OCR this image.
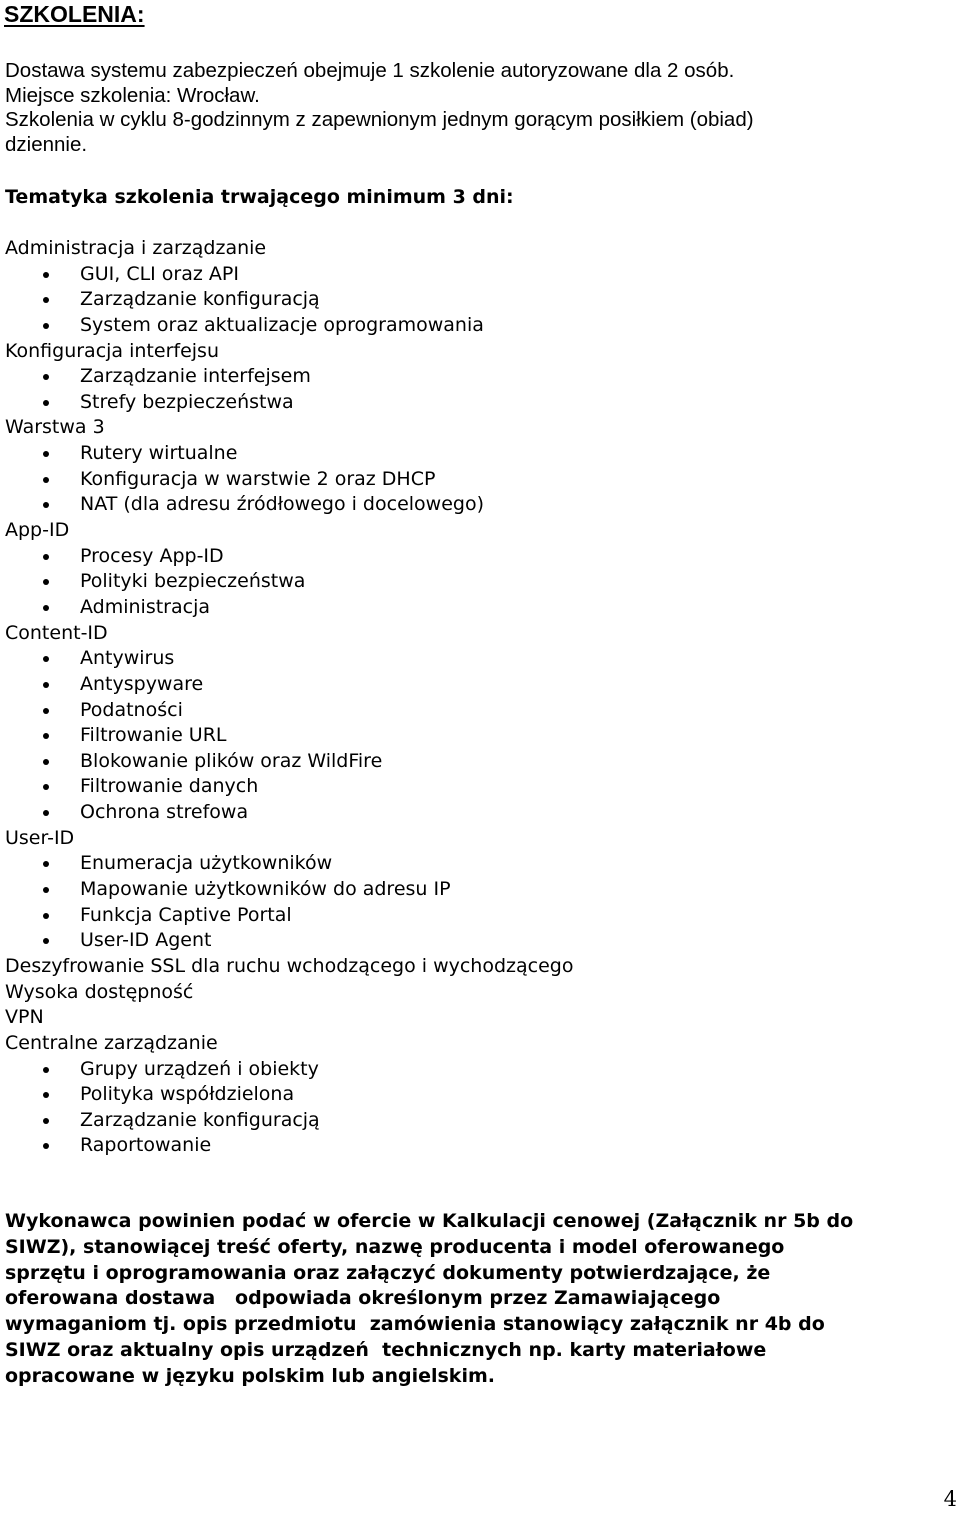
SZKOLENIA:

Dostawa systemu zabezpieczeń obejmuje 1 szkolenie autoryzowane dla 2 osób.

Miejsce szkolenia: Wrocław.

Szkolenia w cyklu 8-godzinnym z zapewnionym jednym gorącym posiłkiem (obiad)

dziennie.

Tematyka szkolenia trwającego minimum 3 dni:

Administracja i zarządzanie
GUI, CLI oraz API
Zarządzanie konfiguracją
System oraz aktualizacje oprogramowania
Konfiguracja interfejsu
Zarządzanie interfejsem
Strefy bezpieczeństwa
Warstwa 3
Rutery wirtualne
Konfiguracja w warstwie 2 oraz DHCP
NAT (dla adresu źródłowego i docelowego)
App-ID
Procesy App-ID
Polityki bezpieczeństwa
Administracja
Content-ID
Antywirus
Antyspyware
Podatności
Filtrowanie URL
Blokowanie plików oraz WildFire
Filtrowanie danych
Ochrona strefowa
User-ID
Enumeracja użytkowników
Mapowanie użytkowników do adresu IP
Funkcja Captive Portal
User-ID Agent
Deszyfrowanie SSL dla ruchu wchodzącego i wychodzącego
Wysoka dostępność
VPN
Centralne zarządzanie
Grupy urządzeń i obiekty
Polityka współdzielona
Zarządzanie konfiguracją
Raportowanie

Wykonawca powinien podać w ofercie w Kalkulacji cenowej (Załącznik nr 5b do

SIWZ), stanowiącej treść oferty, nazwę producenta i model oferowanego

sprzętu i oprogramowania oraz załączyć dokumenty potwierdzające, że

oferowana dostawa   odpowiada określonym przez Zamawiającego

wymaganiom tj. opis przedmiotu  zamówienia stanowiący załącznik nr 4b do

SIWZ oraz aktualny opis urządzeń  technicznych np. karty materiałowe

opracowane w języku polskim lub angielskim.

4
